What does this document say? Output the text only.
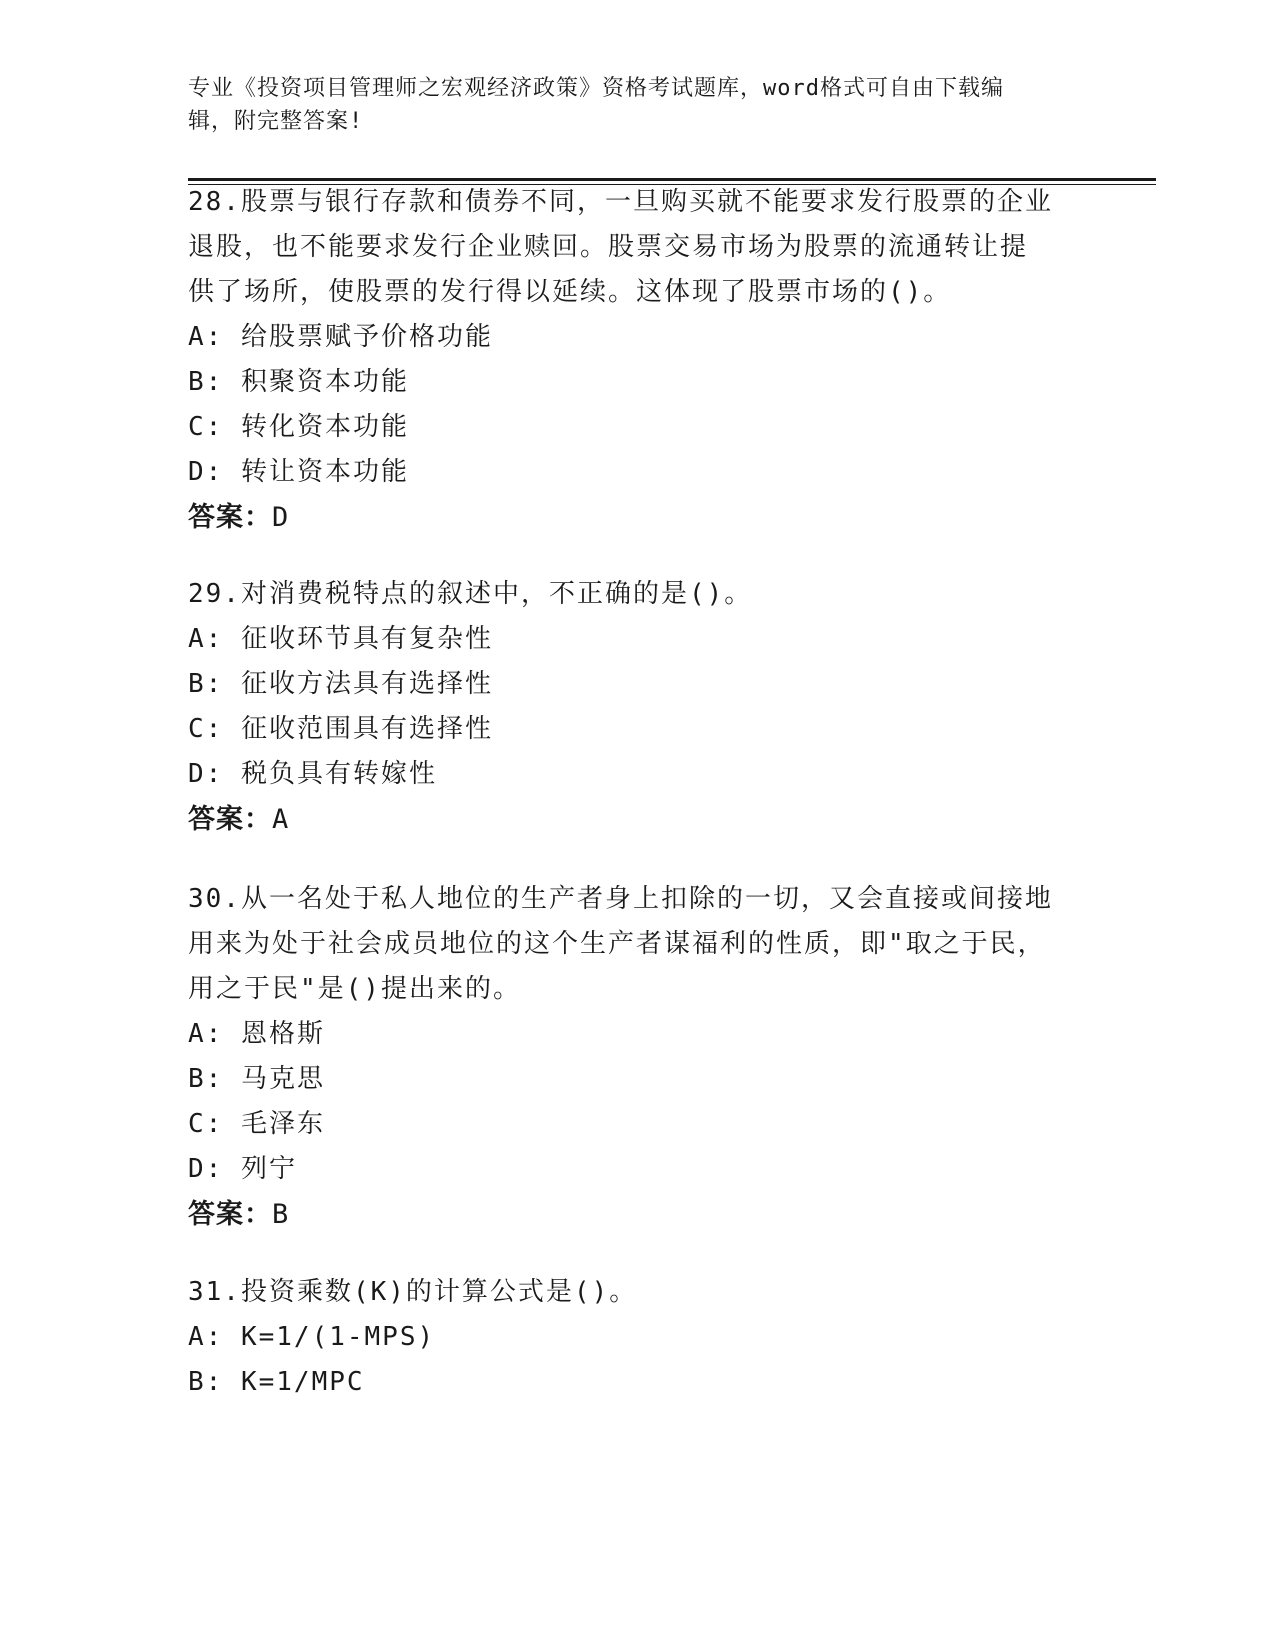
专业《投资项目管理师之宏观经济政策》资格考试题库，word格式可自由下载编
辑，附完整答案!
28.股票与银行存款和债券不同，一旦购买就不能要求发行股票的企业
退股，也不能要求发行企业赎回。股票交易市场为股票的流通转让提
供了场所，使股票的发行得以延续。这体现了股票市场的()。
A: 给股票赋予价格功能
B: 积聚资本功能
C: 转化资本功能
D: 转让资本功能
答案：D
29.对消费税特点的叙述中，不正确的是()。
A: 征收环节具有复杂性
B: 征收方法具有选择性
C: 征收范围具有选择性
D: 税负具有转嫁性
答案：A
30.从一名处于私人地位的生产者身上扣除的一切，又会直接或间接地
用来为处于社会成员地位的这个生产者谋福利的性质，即"取之于民，
用之于民"是()提出来的。
A: 恩格斯
B: 马克思
C: 毛泽东
D: 列宁
答案：B
31.投资乘数(K)的计算公式是()。
A: K=1/(1-MPS)
B: K=1/MPC
